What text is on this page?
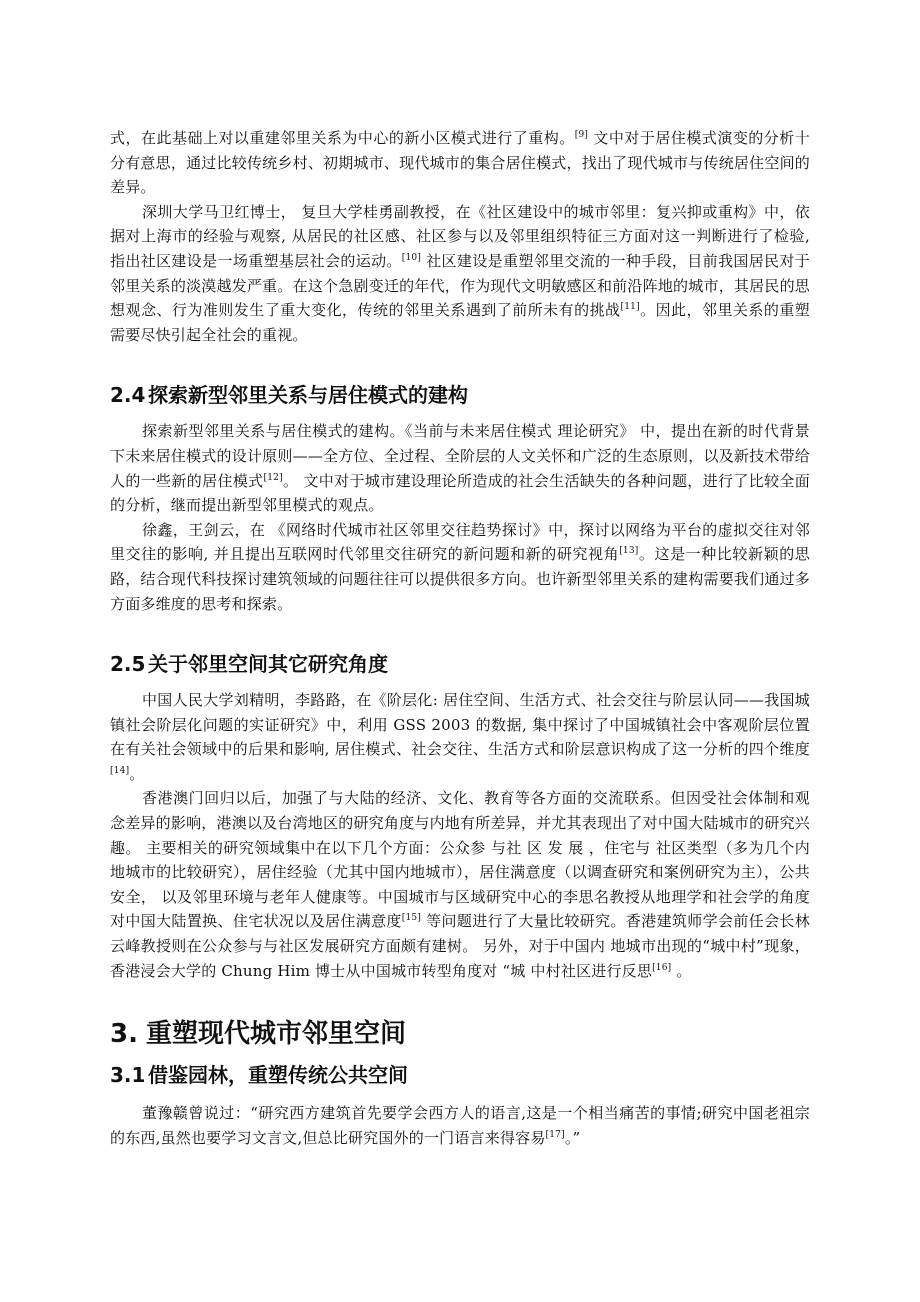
式，在此基础上对以重建邻里关系为中心的新小区模式进行了重构。[9] 文中对于居住模式演变的分析十分有意思，通过比较传统乡村、初期城市、现代城市的集合居住模式，找出了现代城市与传统居住空间的差异。

深圳大学马卫红博士， 复旦大学桂勇副教授，在《社区建设中的城市邻里：复兴抑或重构》中，依据对上海市的经验与观察, 从居民的社区感、社区参与以及邻里组织特征三方面对这一判断进行了检验, 指出社区建设是一场重塑基层社会的运动。[10] 社区建设是重塑邻里交流的一种手段，目前我国居民对于邻里关系的淡漠越发严重。在这个急剧变迁的年代，作为现代文明敏感区和前沿阵地的城市，其居民的思想观念、行为准则发生了重大变化，传统的邻里关系遇到了前所未有的挑战[11]。因此，邻里关系的重塑需要尽快引起全社会的重视。

2.4 探索新型邻里关系与居住模式的建构

探索新型邻里关系与居住模式的建构。《当前与未来居住模式 理论研究》 中，提出在新的时代背景下未来居住模式的设计原则——全方位、全过程、全阶层的人文关怀和广泛的生态原则，以及新技术带给人的一些新的居住模式[12]。 文中对于城市建设理论所造成的社会生活缺失的各种问题，进行了比较全面的分析，继而提出新型邻里模式的观点。

徐鑫，王剑云，在 《网络时代城市社区邻里交往趋势探讨》中，探讨以网络为平台的虚拟交往对邻里交往的影响, 并且提出互联网时代邻里交往研究的新问题和新的研究视角[13]。这是一种比较新颖的思路，结合现代科技探讨建筑领域的问题往往可以提供很多方向。也许新型邻里关系的建构需要我们通过多方面多维度的思考和探索。

2.5 关于邻里空间其它研究角度

中国人民大学刘精明，李路路，在《阶层化: 居住空间、生活方式、社会交往与阶层认同——我国城镇社会阶层化问题的实证研究》中，利用 GSS 2003 的数据, 集中探讨了中国城镇社会中客观阶层位置在有关社会领域中的后果和影响, 居住模式、社会交往、生活方式和阶层意识构成了这一分析的四个维度[14]。

香港澳门回归以后，加强了与大陆的经济、文化、教育等各方面的交流联系。但因受社会体制和观念差异的影响，港澳以及台湾地区的研究角度与内地有所差异，并尤其表现出了对中国大陆城市的研究兴趣。 主要相关的研究领域集中在以下几个方面：公众参 与社 区 发 展 ，住宅与 社区类型（多为几个内地城市的比较研究），居住经验（尤其中国内地城市），居住满意度（以调查研究和案例研究为主），公共安全， 以及邻里环境与老年人健康等。中国城市与区域研究中心的李思名教授从地理学和社会学的角度对中国大陆置换、住宅状况以及居住满意度[15] 等问题进行了大量比较研究。香港建筑师学会前任会长林云峰教授则在公众参与与社区发展研究方面颇有建树。 另外，对于中国内 地城市出现的“城中村”现象，香港浸会大学的 Chung Him 博士从中国城市转型角度对 “城 中村社区进行反思[16] 。

3. 重塑现代城市邻里空间
3.1 借鉴园林，重塑传统公共空间

董豫赣曾说过：“研究西方建筑首先要学会西方人的语言,这是一个相当痛苦的事情;研究中国老祖宗的东西,虽然也要学习文言文,但总比研究国外的一门语言来得容易[17]。”
